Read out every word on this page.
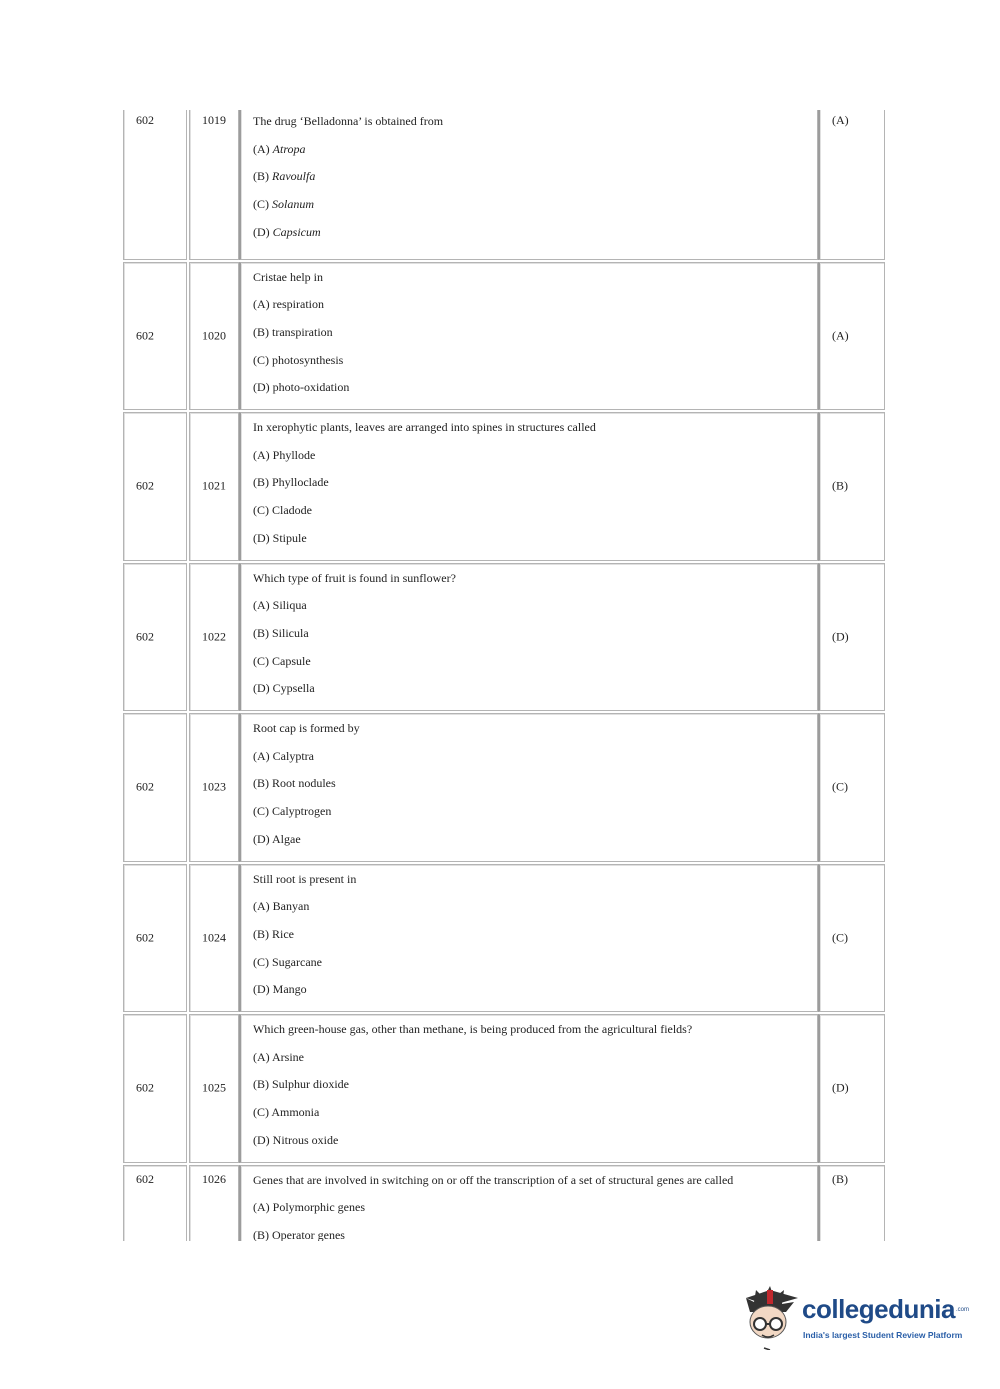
602	1019 The drug ‘Belladonna’ is obtained from
(A) Atropa
(B) Ravoulfa
(C) Solanum
(D) Capsicum
(A)
602	1020
Cristae help in
(A) respiration
(B) transpiration
(C) photosynthesis
(D) photo-oxidation
(A)
602	1021
In xerophytic plants, leaves are arranged into spines in structures called
(A) Phyllode
(B) Phylloclade
(C) Cladode
(D) Stipule
(B)
602	1022
Which type of fruit is found in sunflower?
(A) Siliqua
(B) Silicula
(C) Capsule
(D) Cypsella
(D)
602	1023
Root cap is formed by
(A) Calyptra
(B) Root nodules
(C) Calyptrogen
(D) Algae
(C)
602	1024
Still root is present in
(A) Banyan
(B) Rice
(C) Sugarcane
(D) Mango
(C)
602	1025
Which green-house gas, other than methane, is being produced from the agricultural fields?
(A) Arsine
(B) Sulphur dioxide
(C) Ammonia
(D) Nitrous oxide
(D)
602	1026 Genes that are involved in switching on or off the transcription of a set of structural genes are called
(A) Polymorphic genes
(B) Operator genes
(B)
collegedunia .com
India's largest Student Review Platform
